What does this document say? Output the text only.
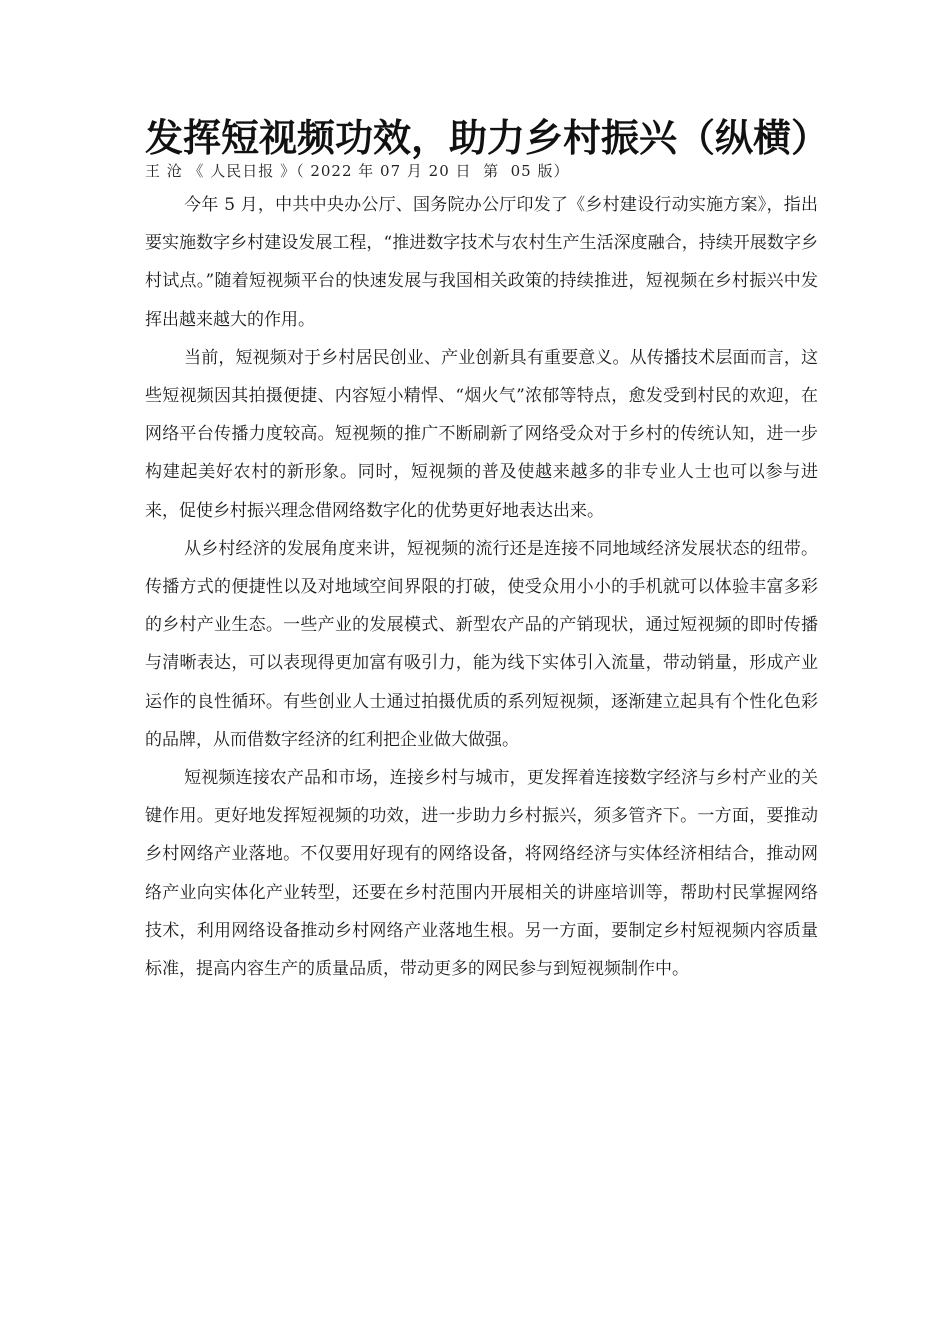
发挥短视频功效，助力乡村振兴（纵横）

王 沧 《 人民日报 》（ 2022 年 07 月 20 日  第  05 版）

今年 5 月，中共中央办公厅、国务院办公厅印发了《乡村建设行动实施方案》，指出要实施数字乡村建设发展工程，“推进数字技术与农村生产生活深度融合，持续开展数字乡村试点。”随着短视频平台的快速发展与我国相关政策的持续推进，短视频在乡村振兴中发挥出越来越大的作用。

当前，短视频对于乡村居民创业、产业创新具有重要意义。从传播技术层面而言，这些短视频因其拍摄便捷、内容短小精悍、“烟火气”浓郁等特点，愈发受到村民的欢迎，在网络平台传播力度较高。短视频的推广不断刷新了网络受众对于乡村的传统认知，进一步构建起美好农村的新形象。同时，短视频的普及使越来越多的非专业人士也可以参与进来，促使乡村振兴理念借网络数字化的优势更好地表达出来。

从乡村经济的发展角度来讲，短视频的流行还是连接不同地域经济发展状态的纽带。传播方式的便捷性以及对地域空间界限的打破，使受众用小小的手机就可以体验丰富多彩的乡村产业生态。一些产业的发展模式、新型农产品的产销现状，通过短视频的即时传播与清晰表达，可以表现得更加富有吸引力，能为线下实体引入流量，带动销量，形成产业运作的良性循环。有些创业人士通过拍摄优质的系列短视频，逐渐建立起具有个性化色彩的品牌，从而借数字经济的红利把企业做大做强。

短视频连接农产品和市场，连接乡村与城市，更发挥着连接数字经济与乡村产业的关键作用。更好地发挥短视频的功效，进一步助力乡村振兴，须多管齐下。一方面，要推动乡村网络产业落地。不仅要用好现有的网络设备，将网络经济与实体经济相结合，推动网络产业向实体化产业转型，还要在乡村范围内开展相关的讲座培训等，帮助村民掌握网络技术，利用网络设备推动乡村网络产业落地生根。另一方面，要制定乡村短视频内容质量标准，提高内容生产的质量品质，带动更多的网民参与到短视频制作中。
